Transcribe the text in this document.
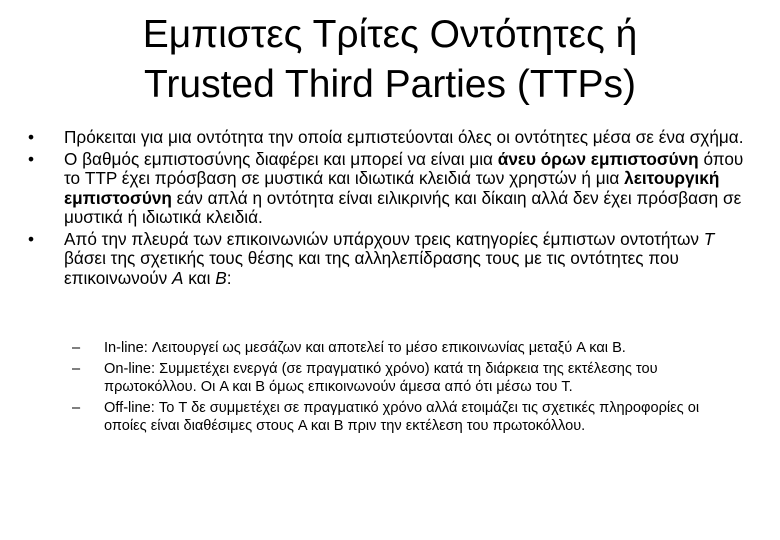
Εμπιστες Τρίτες Οντότητες ή
Trusted Third Parties (TTPs)
• Πρόκειται για μια οντότητα την οποία εμπιστεύονται όλες οι οντότητες μέσα σε ένα σχήμα.
• Ο βαθμός εμπιστοσύνης διαφέρει και μπορεί να είναι μια άνευ όρων εμπιστοσύνη όπου το TTP έχει πρόσβαση σε μυστικά και ιδιωτικά κλειδιά των χρηστών ή μια λειτουργική εμπιστοσύνη εάν απλά η οντότητα είναι ειλικρινής και δίκαιη αλλά δεν έχει πρόσβαση σε μυστικά ή ιδιωτικά κλειδιά.
• Από την πλευρά των επικοινωνιών υπάρχουν τρεις κατηγορίες έμπιστων οντοτήτων T βάσει της σχετικής τους θέσης και της αλληλεπίδρασης τους με τις οντότητες που επικοινωνούν A και B:
– In-line: Λειτουργεί ως μεσάζων και αποτελεί το μέσο επικοινωνίας μεταξύ A και B.
– On-line: Συμμετέχει ενεργά (σε πραγματικό χρόνο) κατά τη διάρκεια της εκτέλεσης του πρωτοκόλλου. Οι A και B όμως επικοινωνούν άμεσα από ότι μέσω του T.
– Off-line: Το T δε συμμετέχει σε πραγματικό χρόνο αλλά ετοιμάζει τις σχετικές πληροφορίες οι οποίες είναι διαθέσιμες στους A και B πριν την εκτέλεση του πρωτοκόλλου.
